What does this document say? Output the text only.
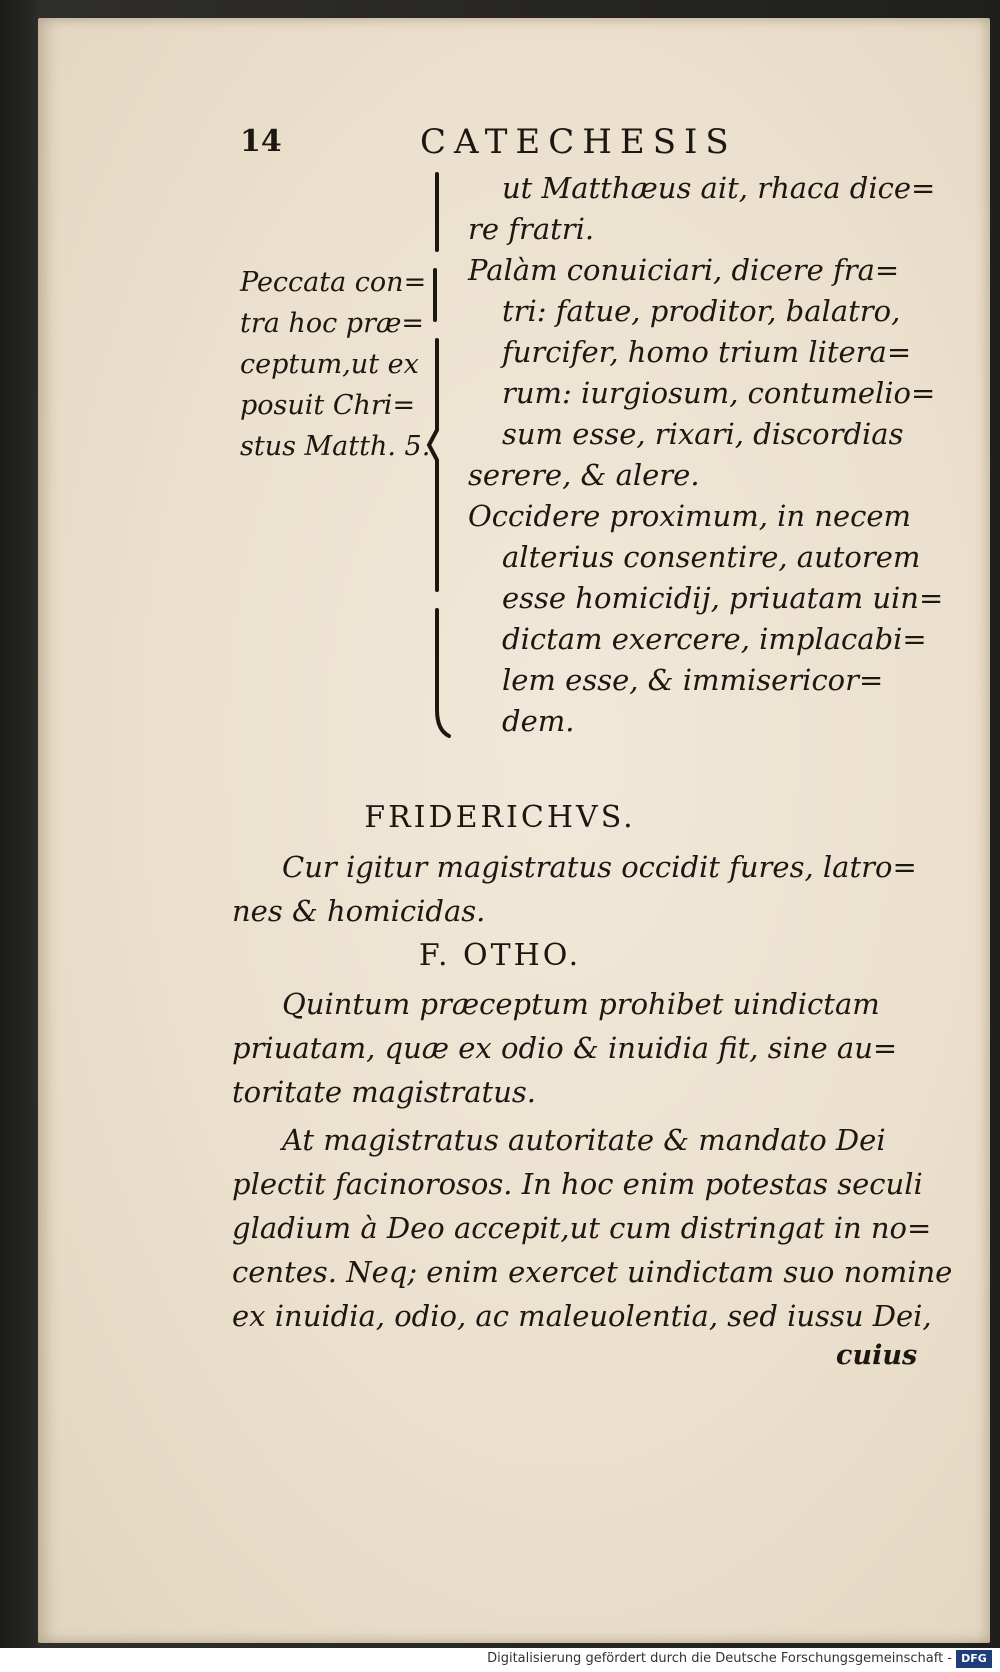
14	CATECHESIS
Peccata con=
tra hoc præ=
ceptum,ut ex
posuit Chri=
stus Matth. 5.
ut Matthæus ait, rhaca dice=
re fratri.
Palàm conuiciari, dicere fra=
tri: fatue, proditor, balatro,
furcifer, homo trium litera=
rum: iurgiosum, contumelio=
sum esse, rixari, discordias
serere, & alere.
Occidere proximum, in necem
alterius consentire, autorem
esse homicidij, priuatam uin=
dictam exercere, implacabi=
lem esse, & immisericor=
dem.
FRIDERICHVS.
Cur igitur magistratus occidit fures, latro=
nes & homicidas.
F. OTHO.
Quintum præceptum prohibet uindictam
priuatam, quæ ex odio & inuidia fit, sine au=
toritate magistratus.
At magistratus autoritate & mandato Dei
plectit facinorosos. In hoc enim potestas seculi
gladium à Deo accepit,ut cum distringat in no=
centes. Neq; enim exercet uindictam suo nomine
ex inuidia, odio, ac maleuolentia, sed iussu Dei,
cuius
Digitalisierung gefördert durch die Deutsche Forschungsgemeinschaft - DFG
